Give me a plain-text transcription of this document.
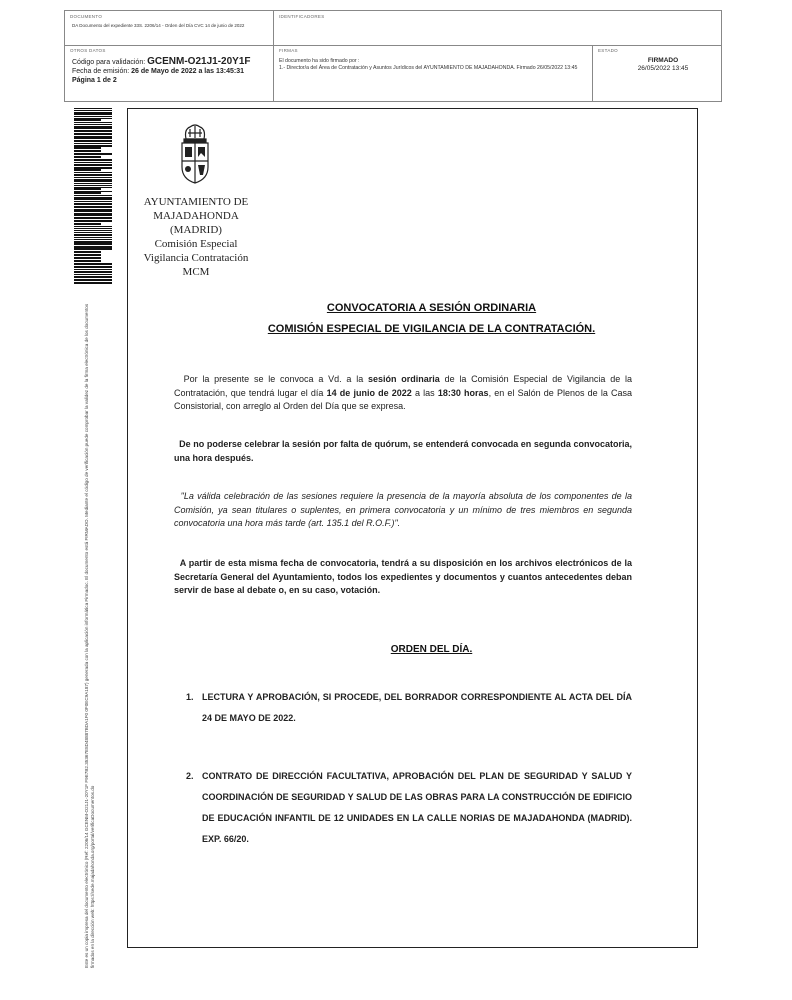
DOCUMENTO
DA Documento del expediente 33S. 2206/14 - Orden del Día CVC 14 de junio de 2022
IDENTIFICADORES
OTROS DATOS
Código para validación: GCENM-O21J1-20Y1F
Fecha de emisión: 26 de Mayo de 2022 a las 13:45:31
Página 1 de 2
FIRMAS
El documento ha sido firmado por :
1.- Director/a del Área de Contratación y Asuntos Jurídicos del AYUNTAMIENTO DE MAJADAHONDA. Firmado 26/05/2022 13:45
ESTADO
FIRMADO
26/05/2022 13:45
Este es un copia impresa del documento electrónico (Ref: 2206/14 GCENM-O21J1-20Y1F F9E7B2.35367E8D48887BDA1F0 0F0EC9A187) generada con la aplicación informática Firmadoc. El documento está FIRMADO. Mediante el código de verificación puede comprobar la validez de la firma electrónica de los documentos firmados en la dirección web: https://sede.majadahonda.org/portal/verificaDocumentos.do
AYUNTAMIENTO DE
MAJADAHONDA
(MADRID)
Comisión Especial
Vigilancia Contratación
MCM
CONVOCATORIA A SESIÓN ORDINARIA
COMISIÓN ESPECIAL DE VIGILANCIA DE LA CONTRATACIÓN.
Por la presente se le convoca a Vd. a la sesión ordinaria de la Comisión Especial de Vigilancia de la Contratación, que tendrá lugar el día 14 de junio de 2022 a las 18:30 horas, en el Salón de Plenos de la Casa Consistorial, con arreglo al Orden del Día que se expresa.
De no poderse celebrar la sesión por falta de quórum, se entenderá convocada en segunda convocatoria, una hora después.
"La válida celebración de las sesiones requiere la presencia de la mayoría absoluta de los componentes de la Comisión, ya sean titulares o suplentes, en primera convocatoria y un mínimo de tres miembros en segunda convocatoria una hora más tarde (art. 135.1 del R.O.F.)".
A partir de esta misma fecha de convocatoria, tendrá a su disposición en los archivos electrónicos de la Secretaría General del Ayuntamiento, todos los expedientes y documentos y cuantos antecedentes deban servir de base al debate o, en su caso, votación.
ORDEN DEL DÍA.
1. LECTURA Y APROBACIÓN, SI PROCEDE, DEL BORRADOR CORRESPONDIENTE AL ACTA DEL DÍA 24 DE MAYO DE 2022.
2. CONTRATO DE DIRECCIÓN FACULTATIVA, APROBACIÓN DEL PLAN DE SEGURIDAD Y SALUD Y COORDINACIÓN DE SEGURIDAD Y SALUD DE LAS OBRAS PARA LA CONSTRUCCIÓN DE EDIFICIO DE EDUCACIÓN INFANTIL DE 12 UNIDADES EN LA CALLE NORIAS DE MAJADAHONDA (MADRID). EXP. 66/20.
